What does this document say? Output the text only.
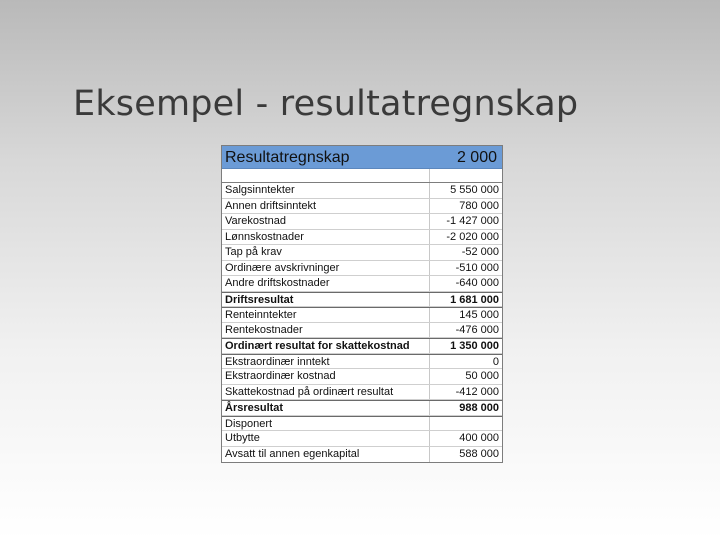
Eksempel - resultatregnskap
Resultatregnskap	2 000
Salgsinntekter	5 550 000
Annen driftsinntekt	780 000
Varekostnad	-1 427 000
Lønnskostnader	-2 020 000
Tap på krav	-52 000
Ordinære avskrivninger	-510 000
Andre driftskostnader	-640 000
Driftsresultat	1 681 000
Renteinntekter	145 000
Rentekostnader	-476 000
Ordinært resultat for skattekostnad	1 350 000
Ekstraordinær inntekt	0
Ekstraordinær kostnad	50 000
Skattekostnad på ordinært resultat	-412 000
Årsresultat	988 000
Disponert
Utbytte	400 000
Avsatt til annen egenkapital	588 000
